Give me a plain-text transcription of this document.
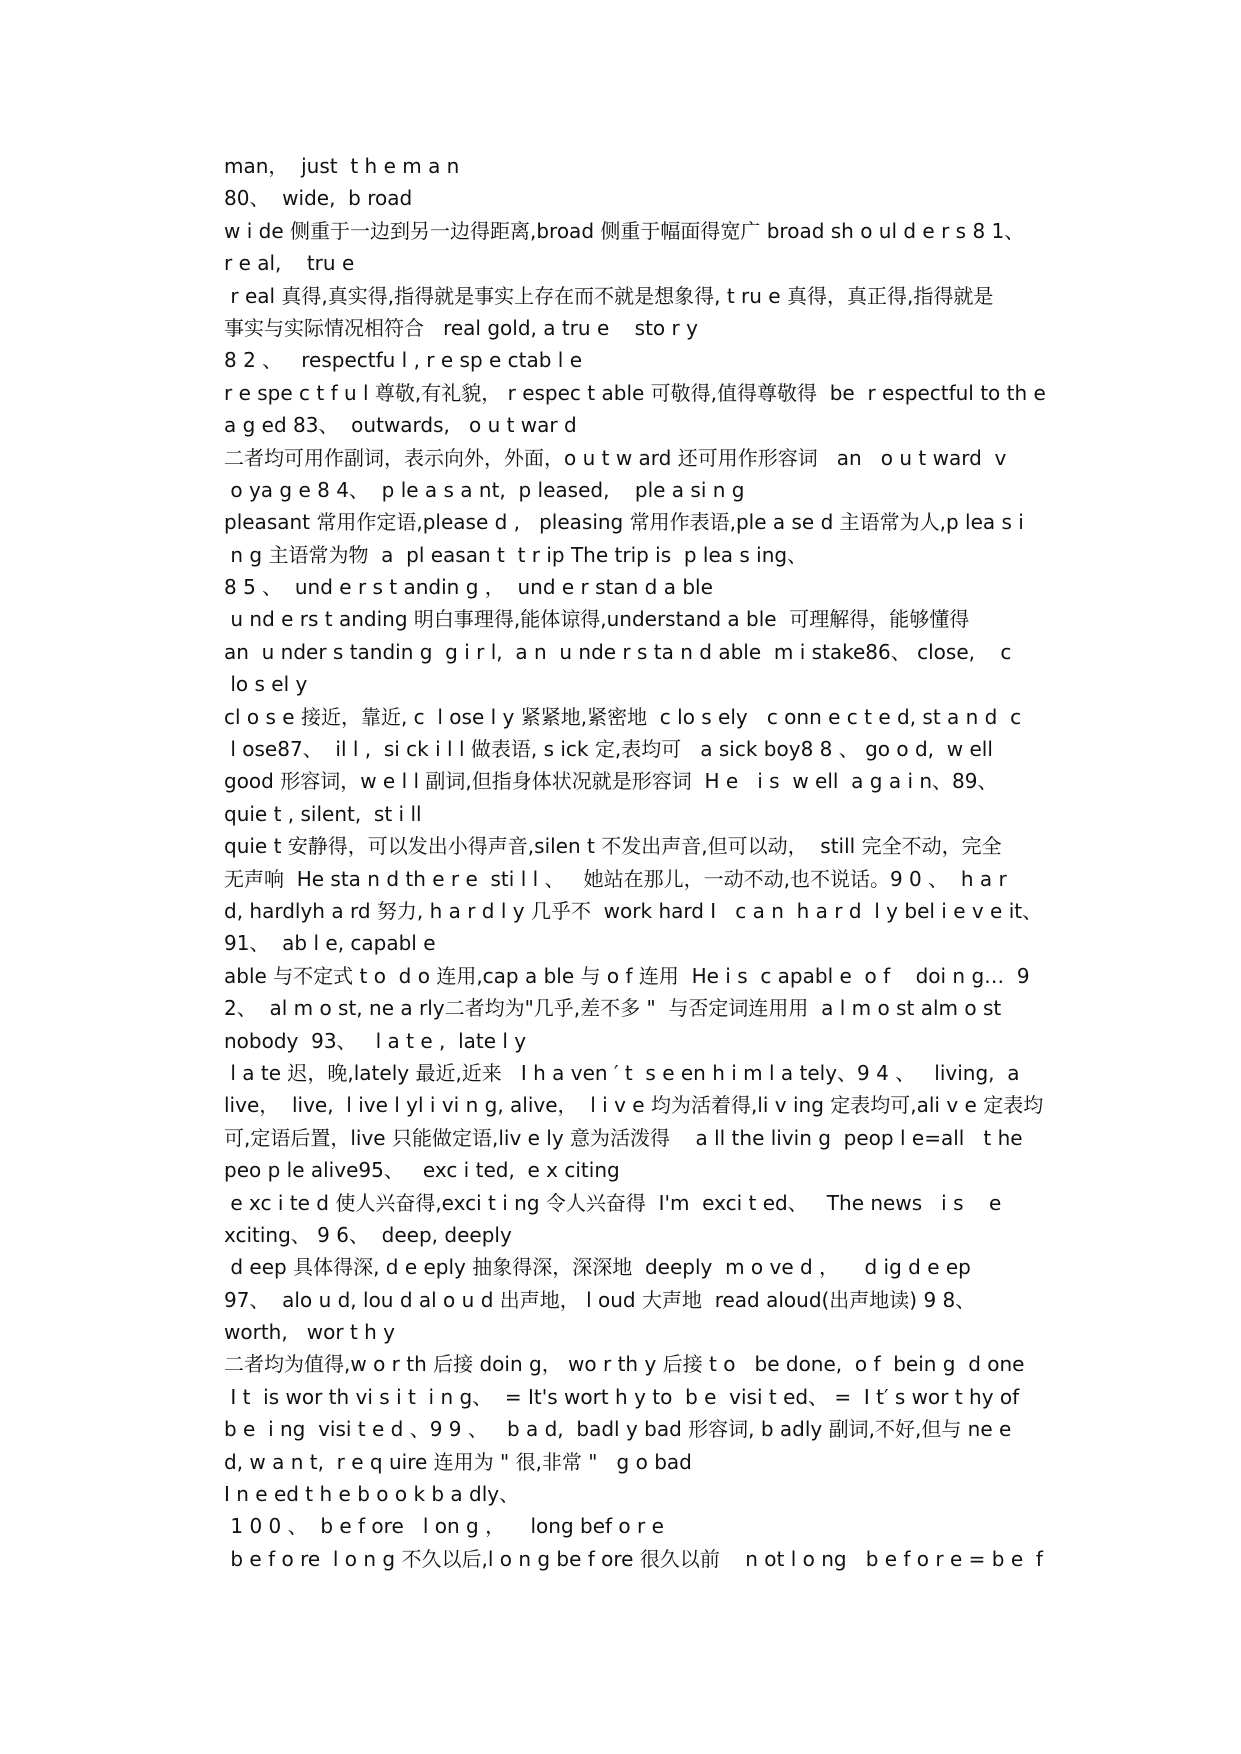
man，  just  t h e m a n
80、  wide,  b road
w i de 侧重于一边到另一边得距离,broad 侧重于幅面得宽广 broad sh o ul d e r s 8 1、
r e al,    tru e
r eal 真得,真实得,指得就是事实上存在而不就是想象得, t ru e 真得，真正得,指得就是
事实与实际情况相符合   real gold, a tru e    sto r y
8 2 、   respectfu l , r e sp e ctab l e
r e spe c t f u l 尊敬,有礼貌， r espec t able 可敬得,值得尊敬得  be  r espectful to th e
a g ed 83、  outwards,   o u t war d
二者均可用作副词，表示向外，外面，o u t w ard 还可用作形容词   an   o u t ward  v
o ya g e 8 4、  p le a s a nt,  p leased,    ple a si n g
pleasant 常用作定语,please d ,   pleasing 常用作表语,ple a se d 主语常为人,p lea s i
n g 主语常为物  a  pl easan t  t r ip The trip is  p lea s ing、
8 5 、  und e r s t andin g ，  und e r stan d a ble
u nd e rs t anding 明白事理得,能体谅得,understand a ble  可理解得，能够懂得
an  u nder s tandin g  g i r l,  a n  u nde r s ta n d able  m i stake86、 close,    c
lo s el y
cl o s e 接近，靠近, c  l ose l y 紧紧地,紧密地  c lo s ely   c onn e c t e d, st a n d  c
l ose87、  il l ,  si ck i l l 做表语, s ick 定,表均可   a sick boy8 8 、 go o d,  w ell
good 形容词，w e l l 副词,但指身体状况就是形容词  H e   i s  w ell  a g a i n、89、
quie t , silent,  st i ll
quie t 安静得，可以发出小得声音,silen t 不发出声音,但可以动，  still 完全不动，完全
无声响  He sta n d th e r e  sti l l 、   她站在那儿，一动不动,也不说话。9 0 、  h a r
d, hardlyh a rd 努力, h a r d l y 几乎不  work hard I   c a n  h a r d  l y bel i e v e it、
91、  ab l e, capabl e
able 与不定式 t o  d o 连用,cap a ble 与 o f 连用  He i s  c apabl e  o f    doi n g…  9
2、  al m o st, ne a rly二者均为"几乎,差不多 "  与否定词连用用  a l m o st alm o st
nobody  93、   l a t e ,  late l y
l a te 迟，晚,lately 最近,近来   I h a ven ′ t  s e en h i m l a tely、9 4 、   living,  a
live，  live,  l ive l yl i vi n g, alive，  l i v e 均为活着得,li v ing 定表均可,ali v e 定表均
可,定语后置，live 只能做定语,liv e ly 意为活泼得    a ll the livin g  peop l e=all   t he
peo p le alive95、   exc i ted,  e x citing
e xc i te d 使人兴奋得,exci t i ng 令人兴奋得  I'm  exci t ed、   The news   i s    e
xciting、 9 6、  deep, deeply
d eep 具体得深, d e eply 抽象得深，深深地  deeply  m o ve d ，    d ig d e ep
97、  alo u d, lou d al o u d 出声地， l oud 大声地  read aloud(出声地读) 9 8、
worth,   wor t h y
二者均为值得,w o r th 后接 doin g， wo r th y 后接 t o   be done,  o f  bein g  d one
I t  is wor th vi s i t  i n g、  = It's wort h y to  b e  visi t ed、 =  I t′ s wor t hy of
b e  i ng  visi t e d 、9 9 、   b a d,  badl y bad 形容词, b adly 副词,不好,但与 ne e
d, w a n t,  r e q uire 连用为 " 很,非常 "   g o bad
I n e ed t h e b o o k b a dly、
1 0 0 、  b e f ore   l on g ，    long bef o r e
b e f o re  l o n g 不久以后,l o n g be f ore 很久以前    n ot l o ng   b e f o r e = b e  f
